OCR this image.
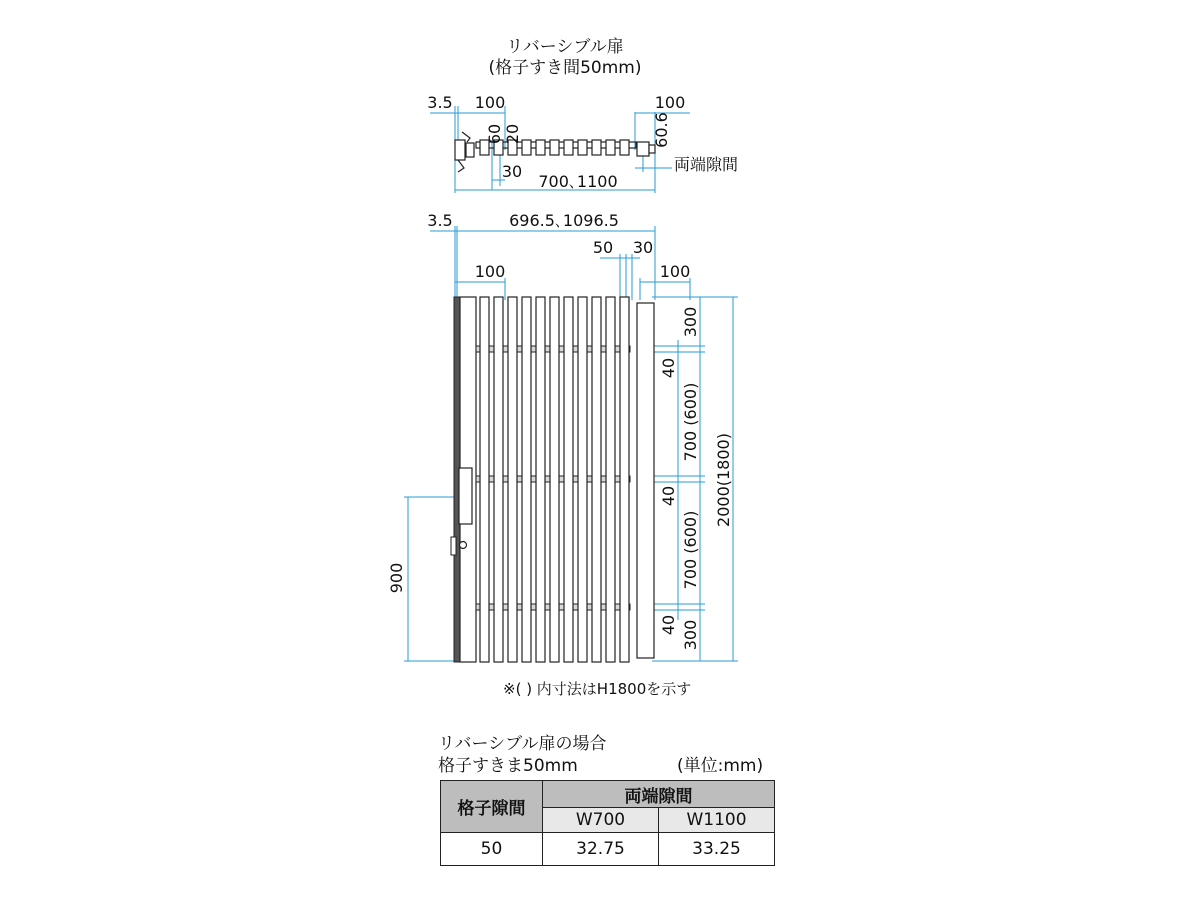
リバーシブル扉
(格子すき間50mm)
3.5 100
60 20
30
100
60.6
700､1100
両端隙間
3.5	696.5､1096.5
50 30
100	100
300
40
700 (600)
40
700 (600)
40 300
2000(1800)
900
※( ) 内寸法はH1800を示す
リバーシブル扉の場合
格子すきま50mm	(単位:mm)
格子隙間	両端隙間	
	W700	W1100
50	32.75	33.25
